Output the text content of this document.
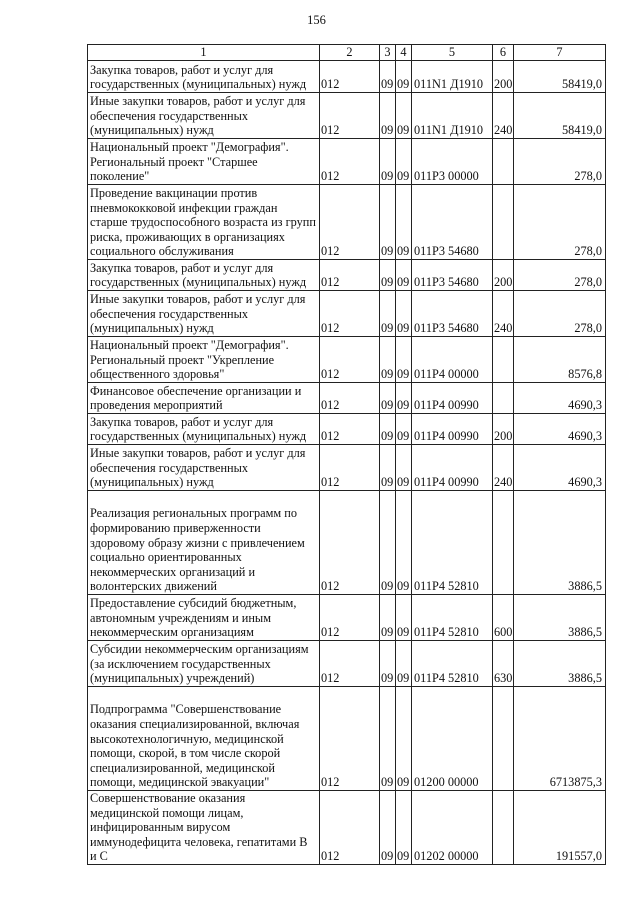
156
1	2	3	4	5	6	7
Закупка товаров, работ и услуг для государственных (муниципальных) нужд	012	09	09	011N1 Д1910	200	58419,0
Иные закупки товаров, работ и услуг для обеспечения государственных (муниципальных) нужд	012	09	09	011N1 Д1910	240	58419,0
Национальный проект "Демография". Региональный проект "Старшее поколение"	012	09	09	011Р3 00000		278,0
Проведение вакцинации против пневмококковой инфекции граждан старше трудоспособного возраста из групп риска, проживающих в организациях социального обслуживания	012	09	09	011Р3 54680		278,0
Закупка товаров, работ и услуг для государственных (муниципальных) нужд	012	09	09	011Р3 54680	200	278,0
Иные закупки товаров, работ и услуг для обеспечения государственных (муниципальных) нужд	012	09	09	011Р3 54680	240	278,0
Национальный проект "Демография". Региональный проект "Укрепление общественного здоровья"	012	09	09	011Р4 00000		8576,8
Финансовое обеспечение организации и проведения мероприятий	012	09	09	011Р4 00990		4690,3
Закупка товаров, работ и услуг для государственных (муниципальных) нужд	012	09	09	011Р4 00990	200	4690,3
Иные закупки товаров, работ и услуг для обеспечения государственных (муниципальных) нужд	012	09	09	011Р4 00990	240	4690,3
Реализация региональных программ по формированию приверженности здоровому образу жизни с привлечением социально ориентированных некоммерческих организаций и волонтерских движений	012	09	09	011Р4 52810		3886,5
Предоставление субсидий бюджетным, автономным учреждениям и иным некоммерческим организациям	012	09	09	011Р4 52810	600	3886,5
Субсидии некоммерческим организациям (за исключением государственных (муниципальных) учреждений)	012	09	09	011Р4 52810	630	3886,5
Подпрограмма "Совершенствование оказания специализированной, включая высокотехнологичную, медицинской помощи, скорой, в том числе скорой специализированной, медицинской помощи, медицинской эвакуации"	012	09	09	01200 00000		6713875,3
Совершенствование оказания медицинской помощи лицам, инфицированным вирусом иммунодефицита человека, гепатитами В и С	012	09	09	01202 00000		191557,0
